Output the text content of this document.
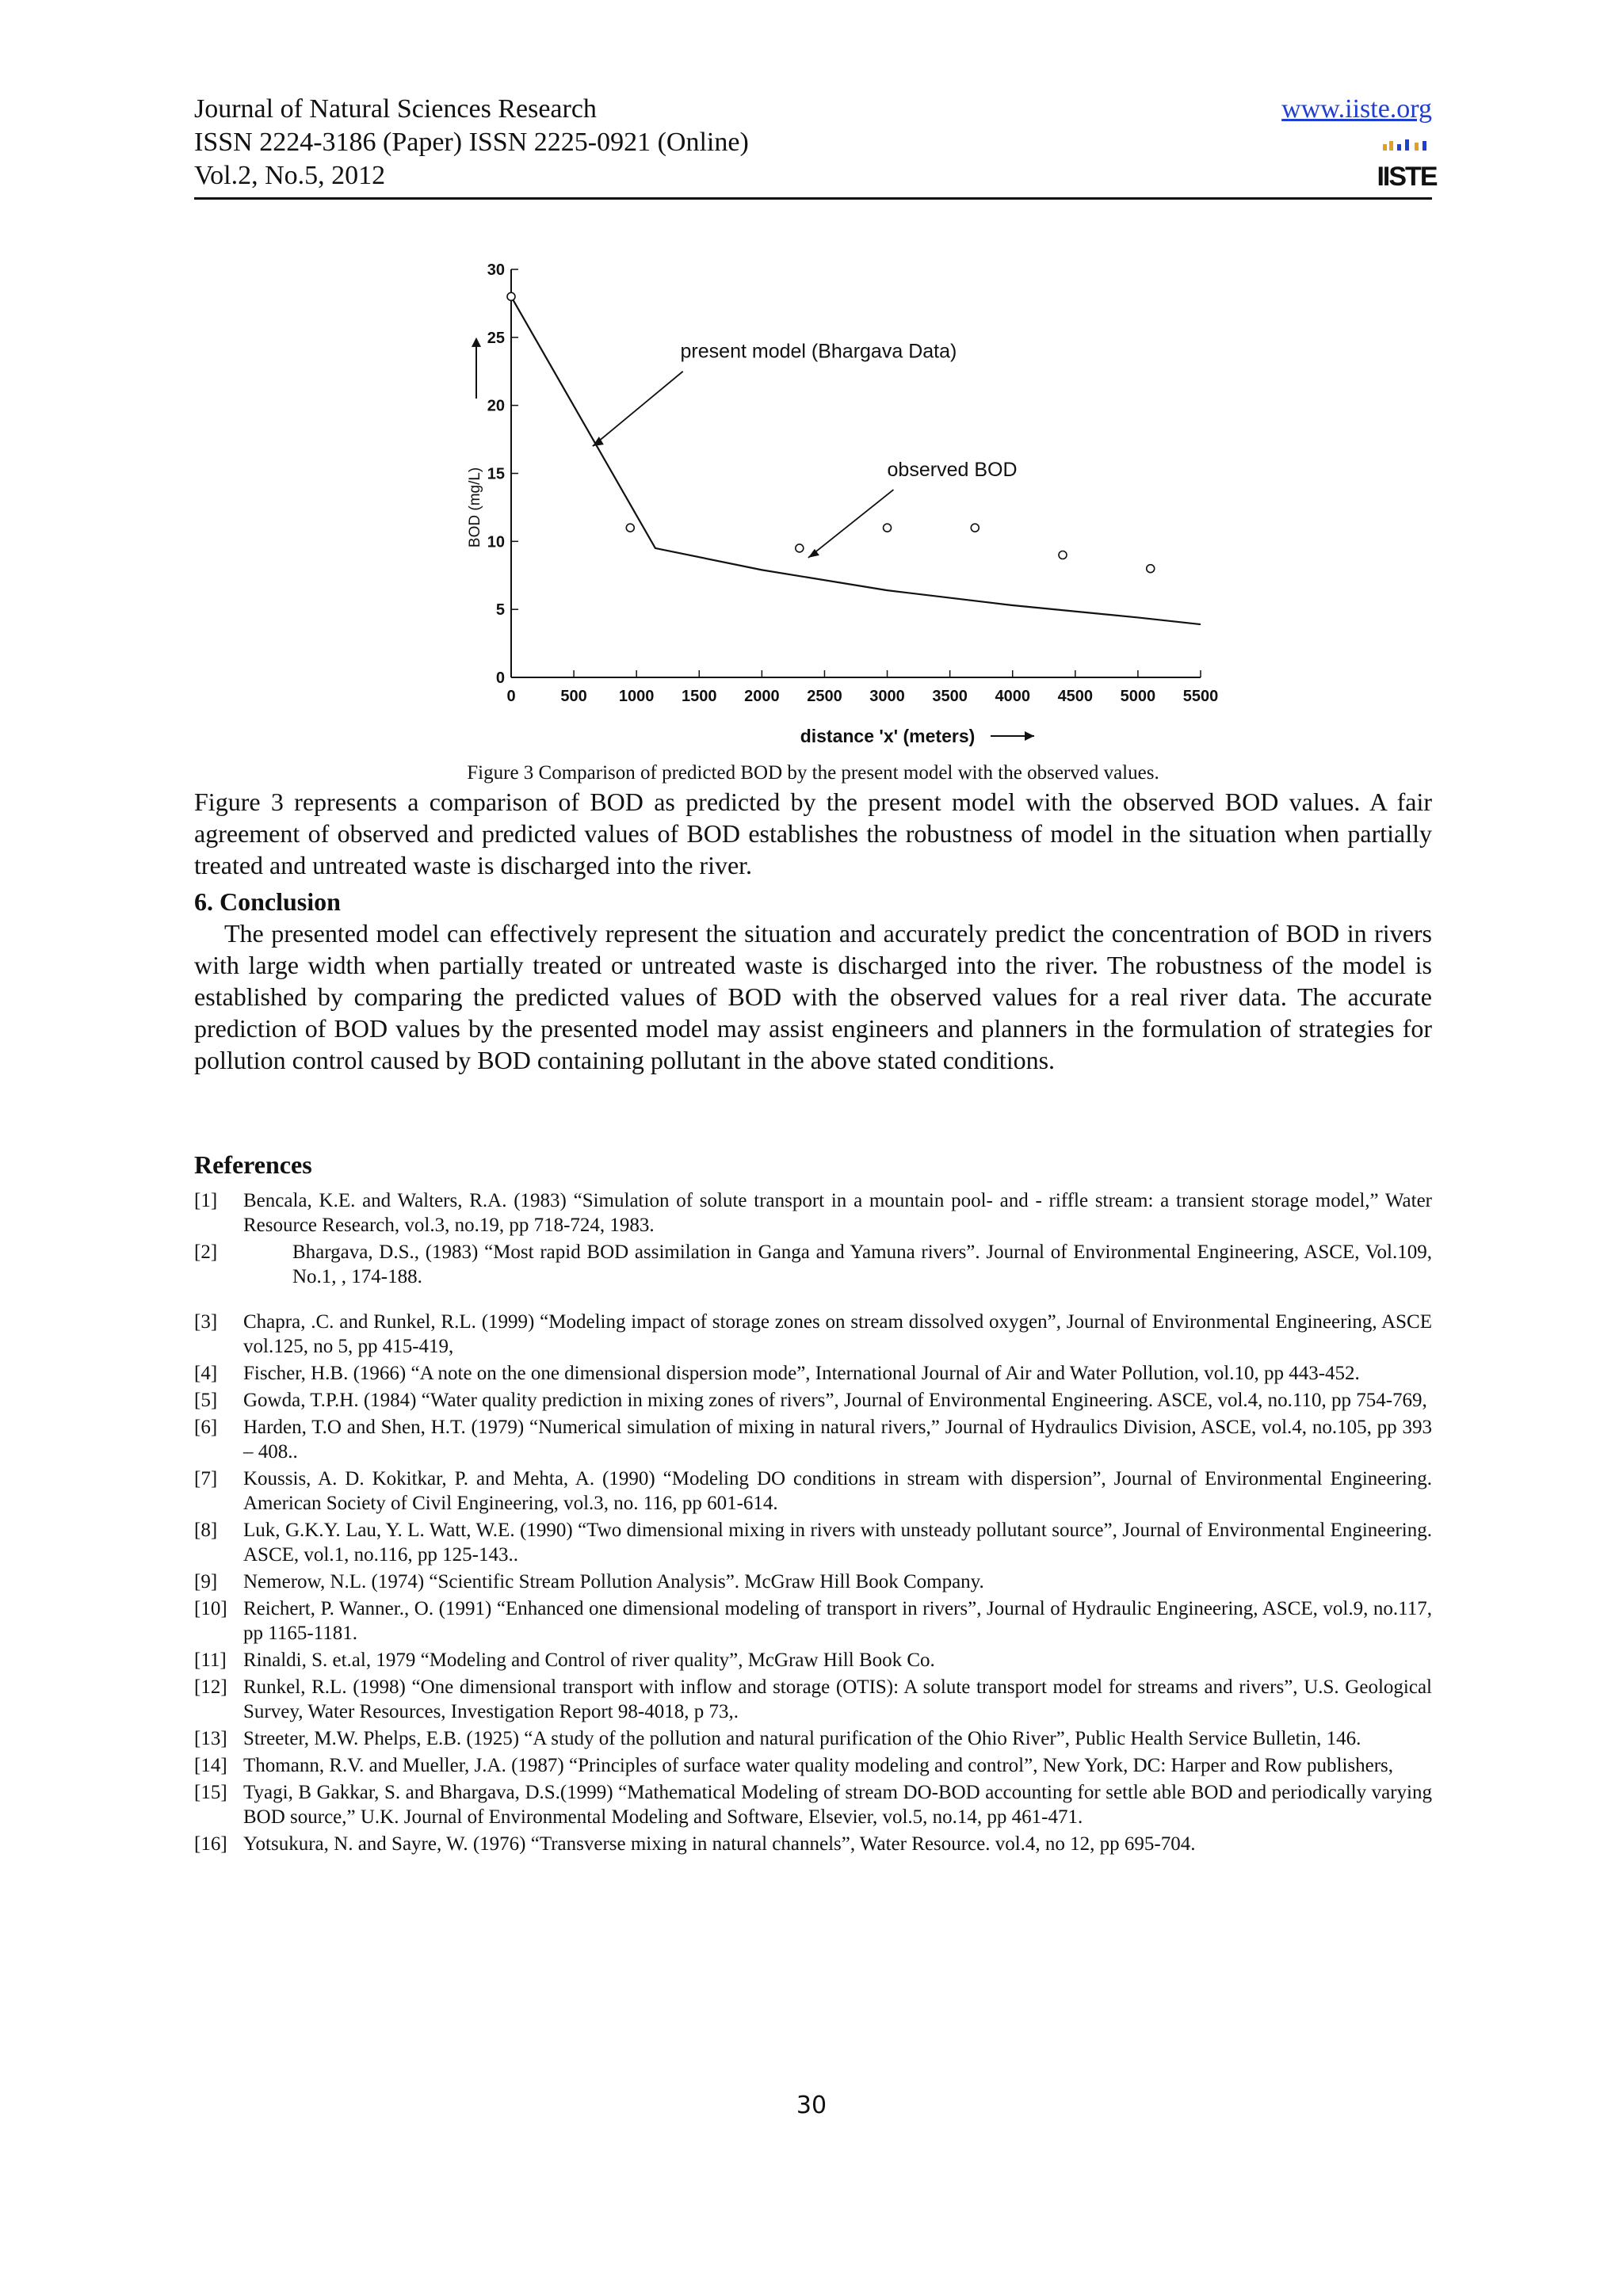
Journal of Natural Sciences Research
ISSN 2224-3186 (Paper) ISSN 2225-0921 (Online)
Vol.2, No.5, 2012
www.iiste.org
IISTE
0	500 1000 1500 2000 2500 3000 3500 4000 4500 5000 5500
0
5
10
15
20
25
30
distance 'x' (meters)
BOD (mg/L)
present model (Bhargava Data)
observed BOD
Figure 3 Comparison of predicted BOD by the present model with the observed values.
Figure 3 represents a comparison of BOD as predicted by the present model with the observed BOD values. A fair agreement of observed and predicted values of BOD establishes the robustness of model in the situation when partially treated and untreated waste is discharged into the river.
6. Conclusion
The presented model can effectively represent the situation and accurately predict the concentration of BOD in rivers with large width when partially treated or untreated waste is discharged into the river. The robustness of the model is established by comparing the predicted values of BOD with the observed values for a real river data. The accurate prediction of BOD values by the presented model may assist engineers and planners in the formulation of strategies for pollution control caused by BOD containing pollutant in the above stated conditions.
References
[1]	Bencala, K.E. and Walters, R.A. (1983) “Simulation of solute transport in a mountain pool- and - riffle stream: a transient storage model,” Water Resource Research, vol.3, no.19, pp 718-724, 1983.
[2]	Bhargava, D.S., (1983) “Most rapid BOD assimilation in Ganga and Yamuna rivers”. Journal of Environmental Engineering, ASCE, Vol.109, No.1, , 174-188.
[3]	Chapra, .C. and Runkel, R.L. (1999) “Modeling impact of storage zones on stream dissolved oxygen”, Journal of Environmental Engineering, ASCE vol.125, no 5, pp 415-419,
[4]	Fischer, H.B. (1966) “A note on the one dimensional dispersion mode”, International Journal of Air and Water Pollution, vol.10, pp 443-452.
[5]	Gowda, T.P.H. (1984) “Water quality prediction in mixing zones of rivers”, Journal of Environmental Engineering. ASCE, vol.4, no.110, pp 754-769,
[6]	Harden, T.O and Shen, H.T. (1979) “Numerical simulation of mixing in natural rivers,” Journal of Hydraulics Division, ASCE, vol.4, no.105, pp 393 – 408..
[7]	Koussis, A. D. Kokitkar, P. and Mehta, A. (1990) “Modeling DO conditions in stream with dispersion”, Journal of Environmental Engineering. American Society of Civil Engineering, vol.3, no. 116, pp 601-614.
[8]	Luk, G.K.Y. Lau, Y. L. Watt, W.E. (1990) “Two dimensional mixing in rivers with unsteady pollutant source”, Journal of Environmental Engineering. ASCE, vol.1, no.116, pp 125-143..
[9]	Nemerow, N.L. (1974) “Scientific Stream Pollution Analysis”. McGraw Hill Book Company.
[10] Reichert, P. Wanner., O. (1991) “Enhanced one dimensional modeling of transport in rivers”, Journal of Hydraulic Engineering, ASCE, vol.9, no.117, pp 1165-1181.
[11] Rinaldi, S. et.al, 1979 “Modeling and Control of river quality”, McGraw Hill Book Co.
[12] Runkel, R.L. (1998) “One dimensional transport with inflow and storage (OTIS): A solute transport model for streams and rivers”, U.S. Geological Survey, Water Resources, Investigation Report 98-4018, p 73,.
[13] Streeter, M.W. Phelps, E.B. (1925) “A study of the pollution and natural purification of the Ohio River”, Public Health Service Bulletin, 146.
[14] Thomann, R.V. and Mueller, J.A. (1987) “Principles of surface water quality modeling and control”, New York, DC: Harper and Row publishers,
[15] Tyagi, B Gakkar, S. and Bhargava, D.S.(1999) “Mathematical Modeling of stream DO-BOD accounting for settle able BOD and periodically varying BOD source,” U.K. Journal of Environmental Modeling and Software, Elsevier, vol.5, no.14, pp 461-471.
[16] Yotsukura, N. and Sayre, W. (1976) “Transverse mixing in natural channels”, Water Resource. vol.4, no 12, pp 695-704.
30
